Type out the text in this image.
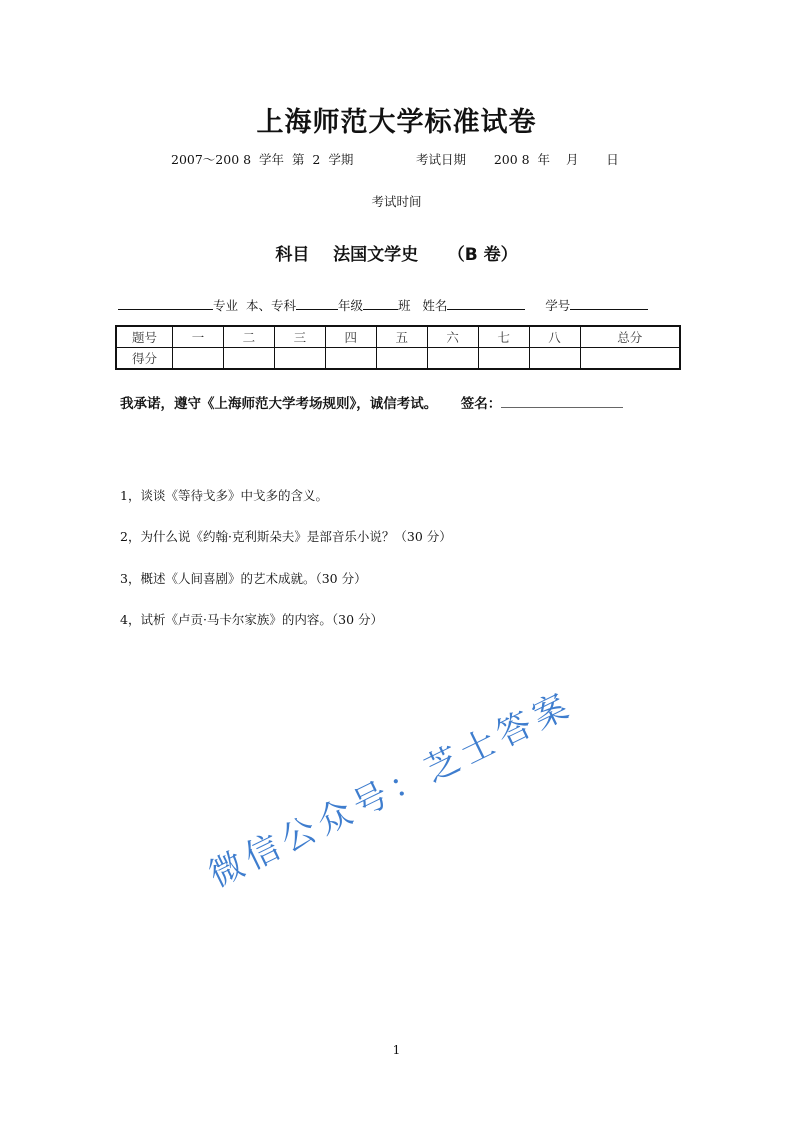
上海师范大学标准试卷
2007～200 8  学年  第  2  学期	考试日期       200 8  年    月       日
考试时间
科目    法国文学史     （B 卷）
专业  本、专科	年级	班   姓名	学号
题号	一	二	三	四	五	六	七	八	总分
得分									
我承诺，遵守《上海师范大学考场规则》，诚信考试。     签名：
1，谈谈《等待戈多》中戈多的含义。
2，为什么说《约翰·克利斯朵夫》是部音乐小说？（30 分）
3，概述《人间喜剧》的艺术成就。（30 分）
4，试析《卢贡·马卡尔家族》的内容。（30 分）
微信公众号：芝士答案
1
